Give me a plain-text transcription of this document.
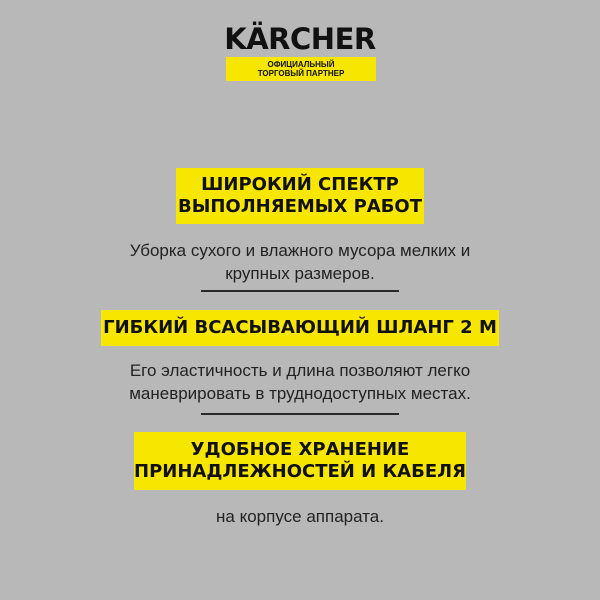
KÄRCHER
ОФИЦИАЛЬНЫЙ
ТОРГОВЫЙ ПАРТНЕР
ШИРОКИЙ СПЕКТР
ВЫПОЛНЯЕМЫХ РАБОТ
Уборка сухого и влажного мусора мелких и
крупных размеров.
ГИБКИЙ ВСАСЫВАЮЩИЙ ШЛАНГ 2 М
Его эластичность и длина позволяют легко
маневрировать в труднодоступных местах.
УДОБНОЕ ХРАНЕНИЕ
ПРИНАДЛЕЖНОСТЕЙ И КАБЕЛЯ
на корпусе аппарата.
